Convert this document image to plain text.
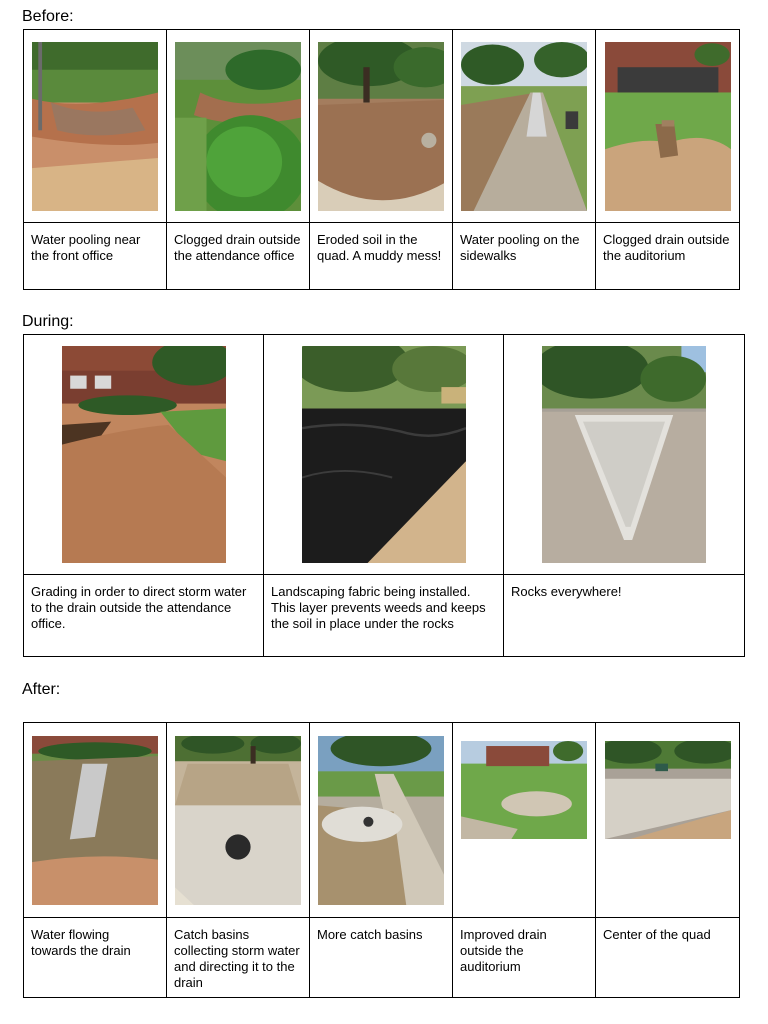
Before:

Water pooling near the front office	Clogged drain outside the attendance office	Eroded soil in the quad. A muddy mess!	Water pooling on the sidewalks	Clogged drain outside the auditorium
During:

Grading in order to direct storm water to the drain outside the attendance office.	Landscaping fabric being installed. This layer prevents weeds and keeps the soil in place under the rocks	Rocks everywhere!
After:

Water flowing towards the drain	Catch basins collecting storm water and directing it to the drain	More catch basins	Improved drain outside the auditorium	Center of the quad
